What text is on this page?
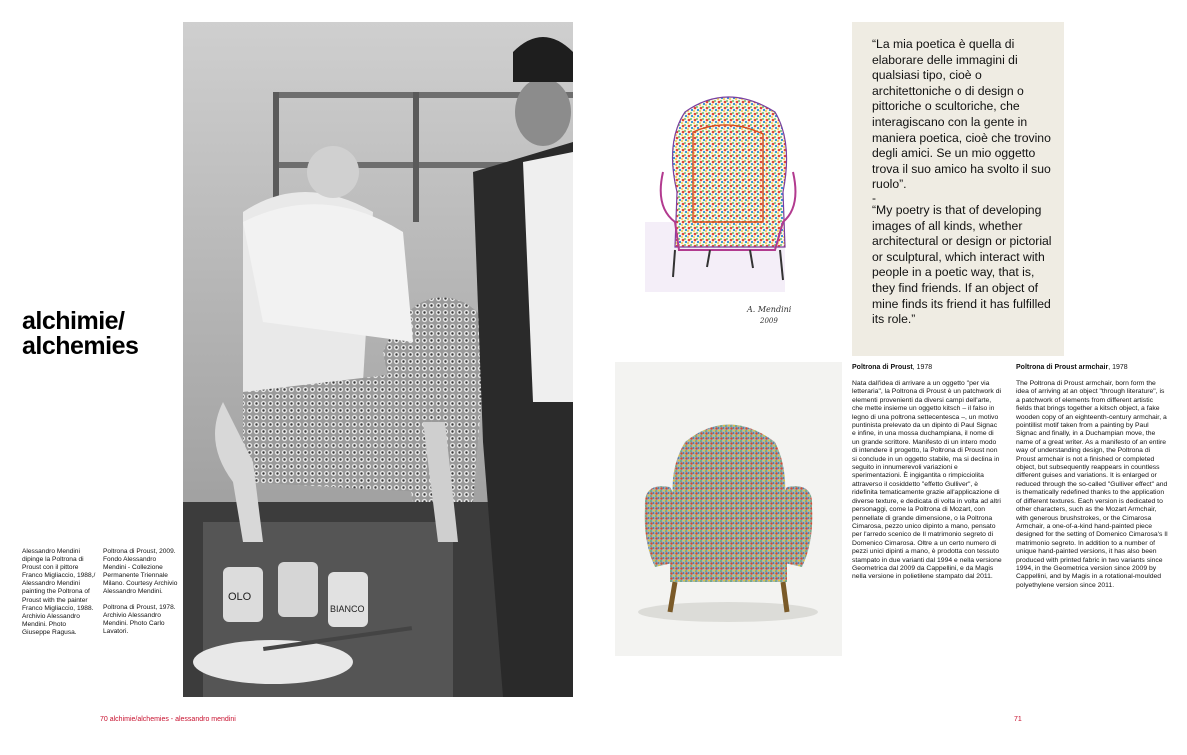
alchimie/
alchemies

Alessandro Mendini dipinge la Poltrona di Proust con il pittore Franco Migliaccio, 1988,/ Alessandro Mendini painting the Poltrona of Proust with the painter Franco Migliaccio, 1988. Archivio Alessandro Mendini. Photo Giuseppe Ragusa.

Poltrona di Proust, 2009. Fondo Alessandro Mendini - Collezione Permanente Triennale Milano. Courtesy Archivio Alessandro Mendini.

Poltrona di Proust, 1978. Archivio Alessandro Mendini. Photo Carlo Lavatori.

OLO
BIANCO
70 alchimie/alchemies - alessandro mendini
A. Mendini
2009

“La mia poetica è quella di elaborare delle immagini di qualsiasi tipo, cioè o architettoniche o di design o pittoriche o scultoriche, che interagiscano con la gente in maniera poetica, cioè che trovino degli amici. Se un mio oggetto trova il suo amico ha svolto il suo ruolo”.

-

“My poetry is that of developing images of all kinds, whether architectural or design or pictorial or sculptural, which interact with people in a poetic way, that is, they find friends. If an object of mine finds its friend it has fulfilled its role.”

Poltrona di Proust, 1978	Poltrona di Proust armchair, 1978
Nata dall'idea di arrivare a un oggetto "per via letteraria", la Poltrona di Proust è un patchwork di elementi provenienti da diversi campi dell'arte, che mette insieme un oggetto kitsch – il falso in legno di una poltrona settecentesca –, un motivo puntinista prelevato da un dipinto di Paul Signac e infine, in una mossa duchampiana, il nome di un grande scrittore. Manifesto di un intero modo di intendere il progetto, la Poltrona di Proust non si conclude in un oggetto stabile, ma si declina in seguito in innumerevoli variazioni e sperimentazioni. È ingigantita o rimpicciolita attraverso il cosiddetto "effetto Gulliver", è ridefinita tematicamente grazie all'applicazione di diverse texture, e dedicata di volta in volta ad altri personaggi, come la Poltrona di Mozart, con pennellate di grande dimensione, o la Poltrona Cimarosa, pezzo unico dipinto a mano, pensato per l'arredo scenico de Il matrimonio segreto di Domenico Cimarosa. Oltre a un certo numero di pezzi unici dipinti a mano, è prodotta con tessuto stampato in due varianti dal 1994 e nella versione Geometrica dal 2009 da Cappellini, e da Magis nella versione in polietilene stampato dal 2011.
The Poltrona di Proust armchair, born form the idea of arriving at an object "through literature", is a patchwork of elements from different artistic fields that brings together a kitsch object, a fake wooden copy of an eighteenth-century armchair, a pointillist motif taken from a painting by Paul Signac and finally, in a Duchampian move, the name of a great writer. As a manifesto of an entire way of understanding design, the Poltrona di Proust armchair is not a finished or completed object, but subsequently reappears in countless different guises and variations. It is enlarged or reduced through the so-called "Gulliver effect" and is thematically redefined thanks to the application of different textures. Each version is dedicated to other characters, such as the Mozart Armchair, with generous brushstrokes, or the Cimarosa Armchair, a one-of-a-kind hand-painted piece designed for the setting of Domenico Cimarosa's Il matrimonio segreto. In addition to a number of unique hand-painted versions, it has also been produced with printed fabric in two variants since 1994, in the Geometrica version since 2009 by Cappellini, and by Magis in a rotational-moulded polyethylene version since 2011.
71
